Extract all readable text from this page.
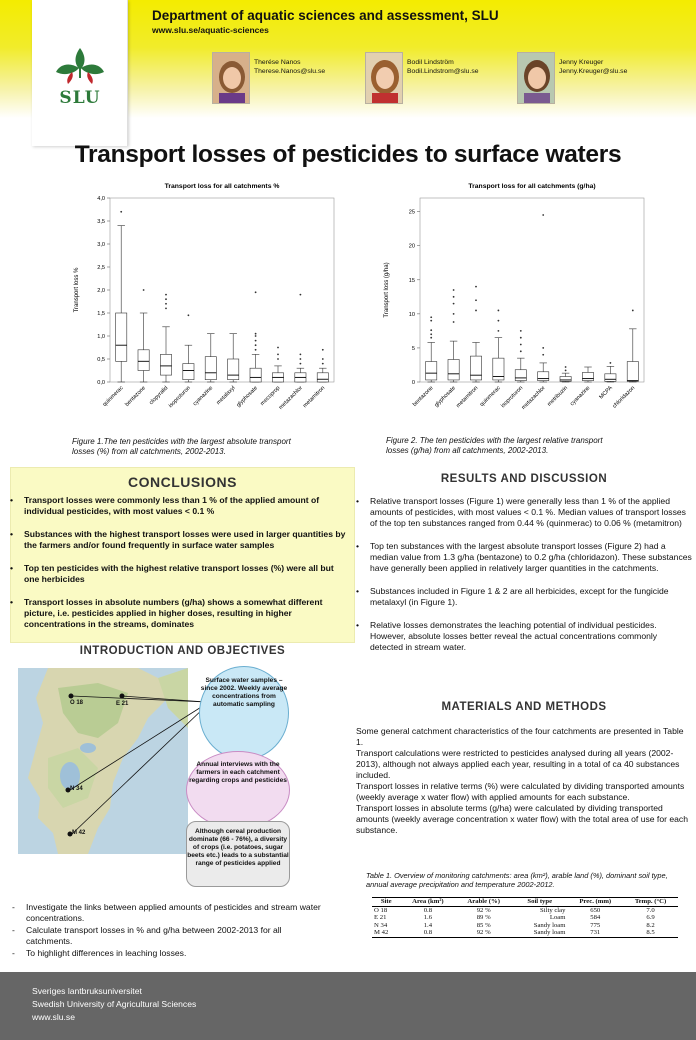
SLU
Department of aquatic sciences and assessment, SLU
www.slu.se/aquatic-sciences
Therése Nanos
Therese.Nanos@slu.se
Bodil Lindström
Bodil.Lindstrom@slu.se
Jenny Kreuger
Jenny.Kreuger@slu.se
Transport losses of pesticides to surface waters
Transport loss for all catchments %
0,0
0,5
1,0
1,5
2,0
2,5
3,0
3,5
4,0
Transport loss %
quinmerac bentazone clopyralid
isoproturon cyanazine metalaxyl glyphosate mecoprop
metazachlor
metamitron
Transport loss for all catchments (g/ha)
0
5
10
15
20
25
Transport loss (g/ha)
bentazone glyphosate
metamitron quinmerac
isoproturon
metazachlor metribuzin cyanazine MCPA
chloridazon
Figure 1.The ten pesticides with the largest absolute transport losses (%) from all catchments, 2002-2013.
Figure 2. The ten pesticides with the largest relative transport losses (g/ha) from all catchments, 2002-2013.
CONCLUSIONS
• Transport losses were commonly less than 1 % of the applied amount of individual pesticides, with most values < 0.1 %
• Substances with the highest transport losses were used in larger quantities by the farmers and/or found frequently in surface water samples
• Top ten pesticides with the highest relative transport losses (%) were all but one herbicides
• Transport losses in absolute numbers (g/ha) shows a somewhat different picture, i.e. pesticides applied in higher doses, resulting in higher concentrations in the streams, dominates
INTRODUCTION AND OBJECTIVES
O 18	E 21
N 34
M 42
Surface water samples – since 2002. Weekly average concentrations from automatic sampling
Annual interviews with the farmers in each catchment regarding crops and pesticides
Although cereal production dominate (66 - 76%), a diversity of crops (i.e. potatoes, sugar beets etc.) leads to a substantial range of pesticides applied
- Investigate the links between applied amounts of pesticides and stream water concentrations.
- Calculate transport losses in % and g/ha between 2002-2013 for all catchments.
- To highlight differences in leaching losses.
RESULTS AND DISCUSSION
• Relative transport losses (Figure 1) were generally less than 1 % of the applied amounts of pesticides, with most values < 0.1 %. Median values of transport losses of the top ten substances ranged from 0.44 % (quinmerac) to 0.06 % (metamitron)
• Top ten substances with the largest absolute transport losses (Figure 2) had a median value from 1.3 g/ha (bentazone) to 0.2 g/ha (chloridazon). These substances have generally been applied in relatively larger quantities in the catchments.
• Substances included in Figure 1 & 2 are all herbicides, except for the fungicide metalaxyl (in Figure 1).
• Relative losses demonstrates the leaching potential of individual pesticides. However, absolute losses better reveal the actual concentrations commonly detected in stream water.
MATERIALS AND METHODS

Some general catchment characteristics of the four catchments are presented in Table 1.

Transport calculations were restricted to pesticides analysed during all years (2002-2013), although not always applied each year, resulting in a total of ca 40 substances included.

Transport losses in relative terms (%) were calculated by dividing transported amounts (weekly average x water flow) with applied amounts for each substance.

Transport losses in absolute terms (g/ha) were calculated by dividing transported amounts (weekly average concentration x water flow) with the total area of use for each substance.

Table 1. Overview of monitoring catchments: area (km²), arable land (%), dominant soil type, annual average precipitation and temperature 2002-2012.
Site	Area (km²)	Arable (%)	Soil type	Prec. (mm)	Temp. (°C)
O 18	0.8	92 %	Silty clay	650	7.0
E 21	1.6	89 %	Loam	584	6.9
N 34	1.4	85 %	Sandy loam	775	8.2
M 42	0.8	92 %	Sandy loam	731	8.5
Sveriges lantbruksuniversitet
Swedish University of Agricultural Sciences
www.slu.se
